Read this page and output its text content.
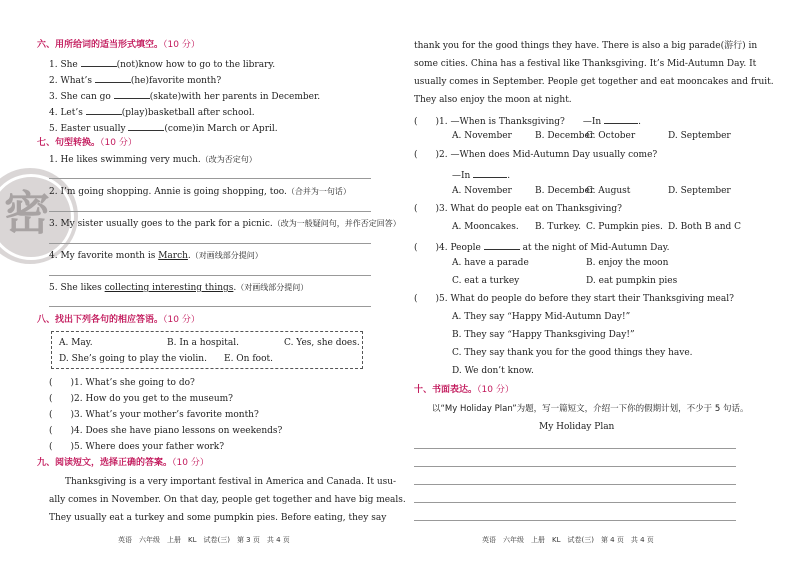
密
六、用所给词的适当形式填空。（10 分）
1. She	(not)know how to go to the library.
2. What’s	(he)favorite month?
3. She can go	(skate)with her parents in December.
4. Let’s	(play)basketball after school.
5. Easter usually	(come)in March or April.
七、句型转换。（10 分）
1. He likes swimming very much.（改为否定句）
2. I’m going shopping. Annie is going shopping, too.（合并为一句话）
3. My sister usually goes to the park for a picnic.（改为一般疑问句，并作否定回答）
4. My favorite month is March.（对画线部分提问）
5. She likes collecting interesting things.（对画线部分提问）
八、找出下列各句的相应答语。（10 分）
A. May.	B. In a hospital.	C. Yes, she does.
D. She’s going to play the violin. E. On foot.
(　　)1. What’s she going to do?
(　　)2. How do you get to the museum?
(　　)3. What’s your mother’s favorite month?
(　　)4. Does she have piano lessons on weekends?
(　　)5. Where does your father work?
九、阅读短文，选择正确的答案。（10 分）
Thanksgiving is a very important festival in America and Canada. It usu-
ally comes in November. On that day, people get together and have big meals.
They usually eat a turkey and some pumpkin pies. Before eating, they say
英语　六年级　上册　KL　试卷(三)　第 3 页　共 4 页
thank you for the good things they have. There is also a big parade(游行) in
some cities. China has a festival like Thanksgiving. It’s Mid-Autumn Day. It
usually comes in September. People get together and eat mooncakes and fruit.
They also enjoy the moon at night.
(　　)1. —When is Thanksgiving?　　—In	.
A. November	B. December
C. October	D. September
(　　)2. —When does Mid-Autumn Day usually come?
—In	.
A. November	B. December
C. August	D. September
(　　)3. What do people eat on Thanksgiving?
A. Mooncakes. B. Turkey. C. Pumpkin pies. D. Both B and C
(　　)4. People	at the night of Mid-Autumn Day.
A. have a parade	B. enjoy the moon
C. eat a turkey	D. eat pumpkin pies
(　　)5. What do people do before they start their Thanksgiving meal?
A. They say “Happy Mid-Autumn Day!”
B. They say “Happy Thanksgiving Day!”
C. They say thank you for the good things they have.
D. We don’t know.
十、书面表达。（10 分）
以“My Holiday Plan”为题，写一篇短文，介绍一下你的假期计划，不少于 5 句话。
My Holiday Plan
英语　六年级　上册　KL　试卷(三)　第 4 页　共 4 页
